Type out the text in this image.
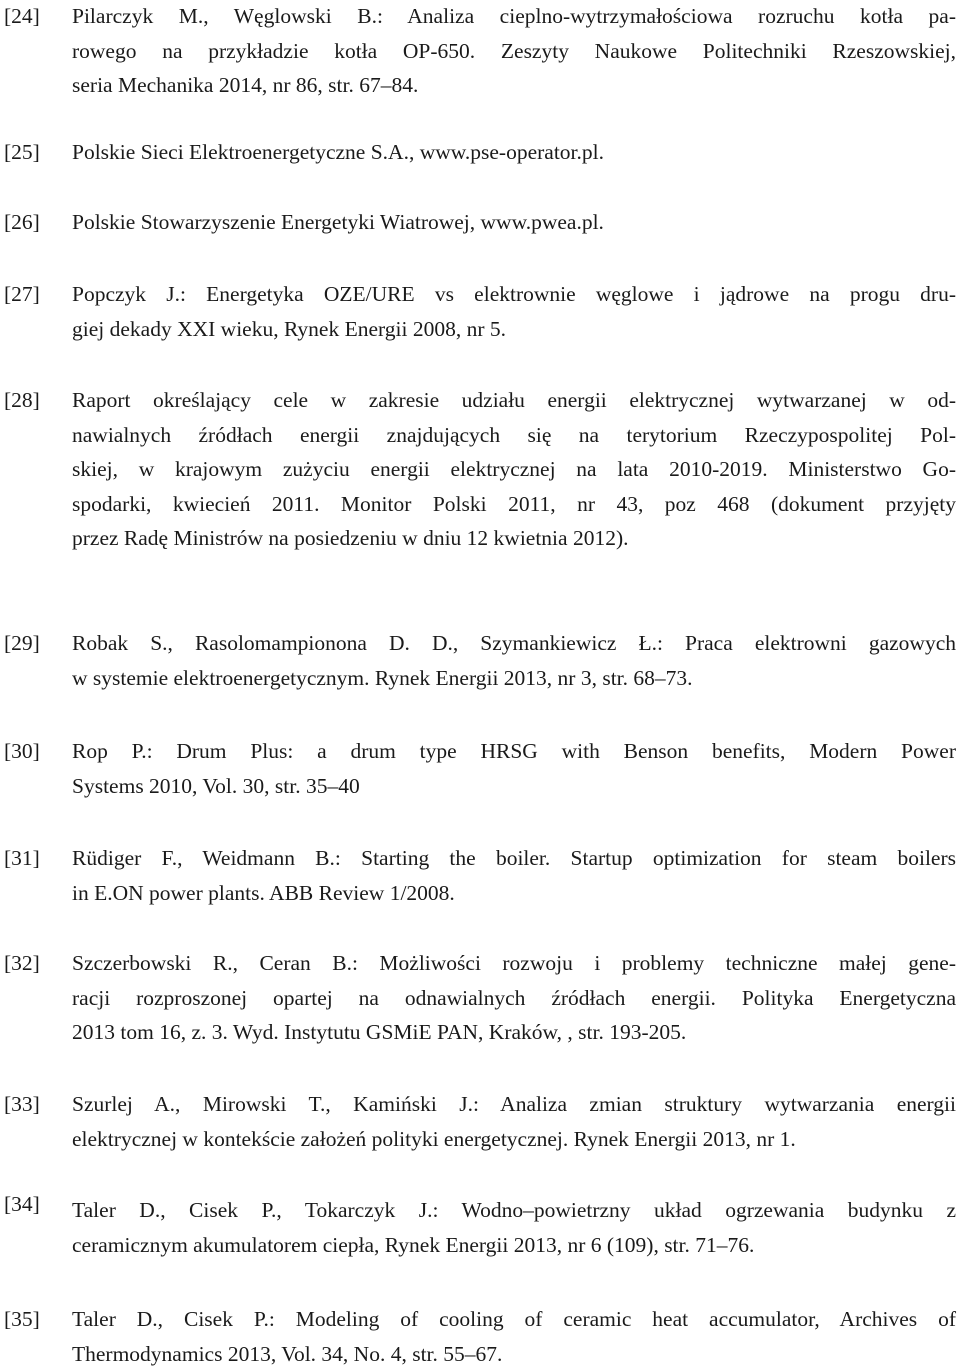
[24] Pilarczyk M., Węglowski B.: Analiza cieplno-wytrzymałościowa rozruchu kotła pa-
rowego na przykładzie kotła OP-650. Zeszyty Naukowe Politechniki Rzeszowskiej,
seria Mechanika 2014, nr 86, str. 67–84.
[25] Polskie Sieci Elektroenergetyczne S.A., www.pse-operator.pl.
[26] Polskie Stowarzyszenie Energetyki Wiatrowej, www.pwea.pl.
[27] Popczyk J.: Energetyka OZE/URE vs elektrownie węglowe i jądrowe na progu dru-
giej dekady XXI wieku, Rynek Energii 2008, nr 5.
[28] Raport określający cele w zakresie udziału energii elektrycznej wytwarzanej w od-
nawialnych źródłach energii znajdujących się na terytorium Rzeczypospolitej Pol-
skiej, w krajowym zużyciu energii elektrycznej na lata 2010-2019. Ministerstwo Go-
spodarki, kwiecień 2011. Monitor Polski 2011, nr 43, poz 468 (dokument przyjęty
przez Radę Ministrów na posiedzeniu w dniu 12 kwietnia 2012).
[29] Robak S., Rasolomampionona D. D., Szymankiewicz Ł.: Praca elektrowni gazowych
w systemie elektroenergetycznym. Rynek Energii 2013, nr 3, str. 68–73.
[30] Rop P.: Drum Plus: a drum type HRSG with Benson benefits, Modern Power
Systems 2010, Vol. 30, str. 35–40
[31] Rüdiger F., Weidmann B.: Starting the boiler. Startup optimization for steam boilers
in E.ON power plants. ABB Review 1/2008.
[32] Szczerbowski R., Ceran B.: Możliwości rozwoju i problemy techniczne małej gene-
racji rozproszonej opartej na odnawialnych źródłach energii. Polityka Energetyczna
2013 tom 16, z. 3. Wyd. Instytutu GSMiE PAN, Kraków, , str. 193-205.
[33] Szurlej A., Mirowski T., Kamiński J.: Analiza zmian struktury wytwarzania energii
elektrycznej w kontekście założeń polityki energetycznej. Rynek Energii 2013, nr 1.
[34] Taler D., Cisek P., Tokarczyk J.: Wodno–powietrzny układ ogrzewania budynku z
ceramicznym akumulatorem ciepła, Rynek Energii 2013, nr 6 (109), str. 71–76.
[35] Taler D., Cisek P.: Modeling of cooling of ceramic heat accumulator, Archives of
Thermodynamics 2013, Vol. 34, No. 4, str. 55–67.
